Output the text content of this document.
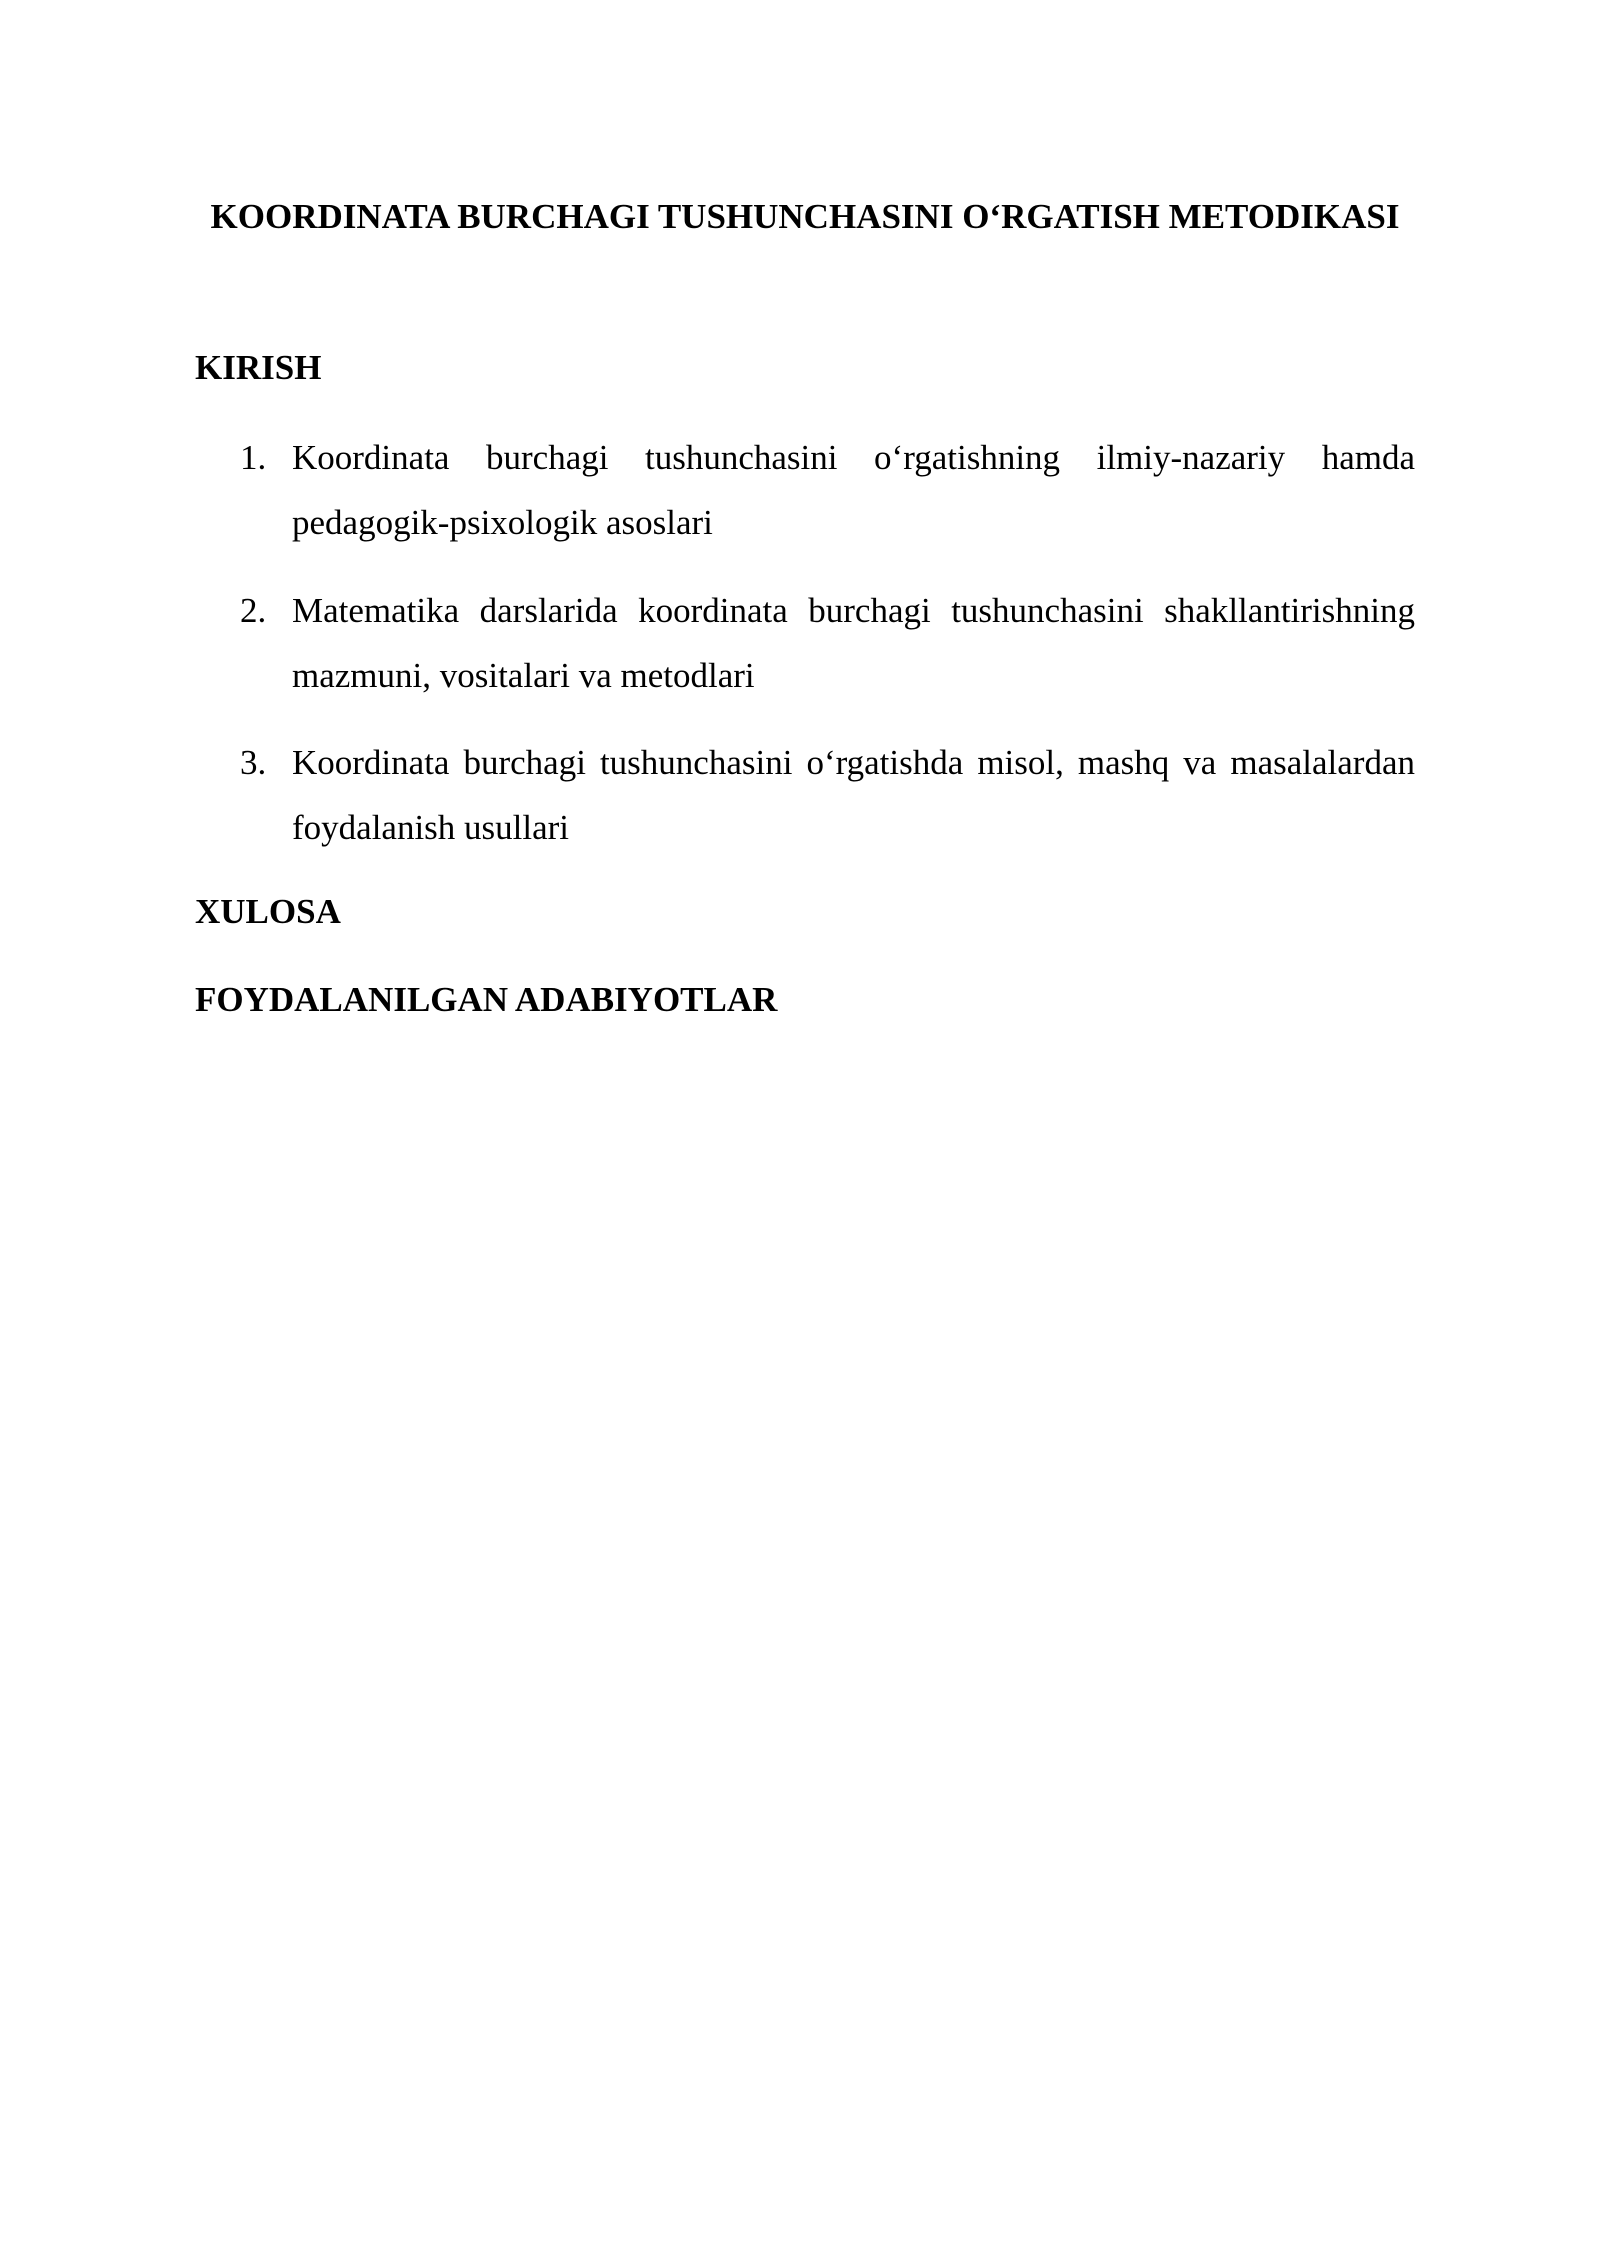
KOORDINATA BURCHAGI TUSHUNCHASINI O‘RGATISH METODIKASI
KIRISH
1. Koordinata burchagi tushunchasini o‘rgatishning ilmiy-nazariy hamda pedagogik-psixologik asoslari
2. Matematika darslarida koordinata burchagi tushunchasini shakllantirishning mazmuni, vositalari va metodlari
3. Koordinata burchagi tushunchasini o‘rgatishda misol, mashq va masalalardan foydalanish usullari
XULOSA
FOYDALANILGAN ADABIYOTLAR
